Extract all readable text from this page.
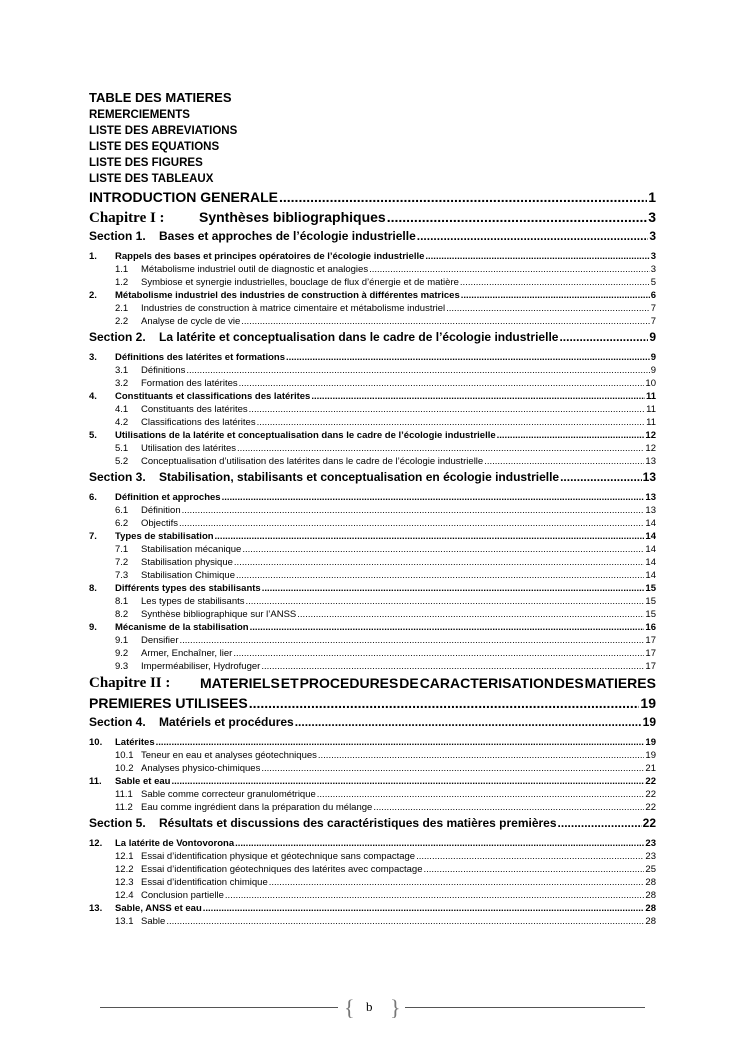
TABLE DES MATIERES
REMERCIEMENTS
LISTE DES ABREVIATIONS
LISTE DES EQUATIONS
LISTE DES FIGURES
LISTE DES TABLEAUX
INTRODUCTION GENERALE .....	1
Chapitre I :	Synthèses bibliographiques .....	3
Section 1.	Bases et approches de l’écologie industrielle .....	3
1.	Rappels des bases et principes opératoires de l’écologie industrielle .....	3
1.1	Métabolisme industriel outil de diagnostic et analogies .....	3
1.2	Symbiose et synergie industrielles, bouclage de flux d’énergie et de matière .....	5
2.	Métabolisme industriel des industries de construction à différentes matrices .....	6
2.1	Industries de construction à matrice cimentaire et métabolisme industriel .....	7
2.2	Analyse de cycle de vie .....	7
Section 2.	La latérite et conceptualisation dans le cadre de l’écologie industrielle .....	9
3.	Définitions des latérites et formations .....	9
3.1	Définitions .....	9
3.2	Formation des latérites .....	10
4.	Constituants et classifications des latérites .....	11
4.1	Constituants des latérites .....	11
4.2	Classifications des latérites .....	11
5.	Utilisations de la latérite et conceptualisation dans le cadre de l’écologie industrielle .....	12
5.1	Utilisation des latérites .....	12
5.2	Conceptualisation d’utilisation des latérites dans le cadre de l’écologie industrielle .....	13
Section 3.	Stabilisation, stabilisants et conceptualisation en écologie industrielle .....	13
6.	Définition et approches .....	13
6.1	Définition .....	13
6.2	Objectifs .....	14
7.	Types de stabilisation .....	14
7.1	Stabilisation mécanique .....	14
7.2	Stabilisation physique .....	14
7.3	Stabilisation Chimique .....	14
8.	Différents types des stabilisants .....	15
8.1	Les types de stabilisants .....	15
8.2	Synthèse bibliographique sur l’ANSS .....	15
9.	Mécanisme de la stabilisation .....	16
9.1	Densifier .....	17
9.2	Armer, Enchaîner, lier .....	17
9.3	Imperméabiliser, Hydrofuger .....	17
Chapitre II :	MATERIELS ET PROCEDURES DE CARACTERISATION DES MATIERES
PREMIERES UTILISEES .....	19
Section 4.	Matériels et procédures .....	19
10.	Latérites .....	19
10.1 Teneur en eau et analyses géotechniques .....	19
10.2 Analyses physico-chimiques .....	21
11.	Sable et eau .....	22
11.1 Sable comme correcteur granulométrique .....	22
11.2 Eau comme ingrédient dans la préparation du mélange .....	22
Section 5.	Résultats et discussions des caractéristiques des matières premières .....	22
12.	La latérite de Vontovorona .....	23
12.1 Essai d’identification physique et géotechnique sans compactage .....	23
12.2 Essai d’identification géotechniques des latérites avec compactage .....	25
12.3 Essai d’identification chimique .....	28
12.4 Conclusion partielle .....	28
13.	Sable, ANSS et eau .....	28
13.1 Sable .....	28
{ b }
